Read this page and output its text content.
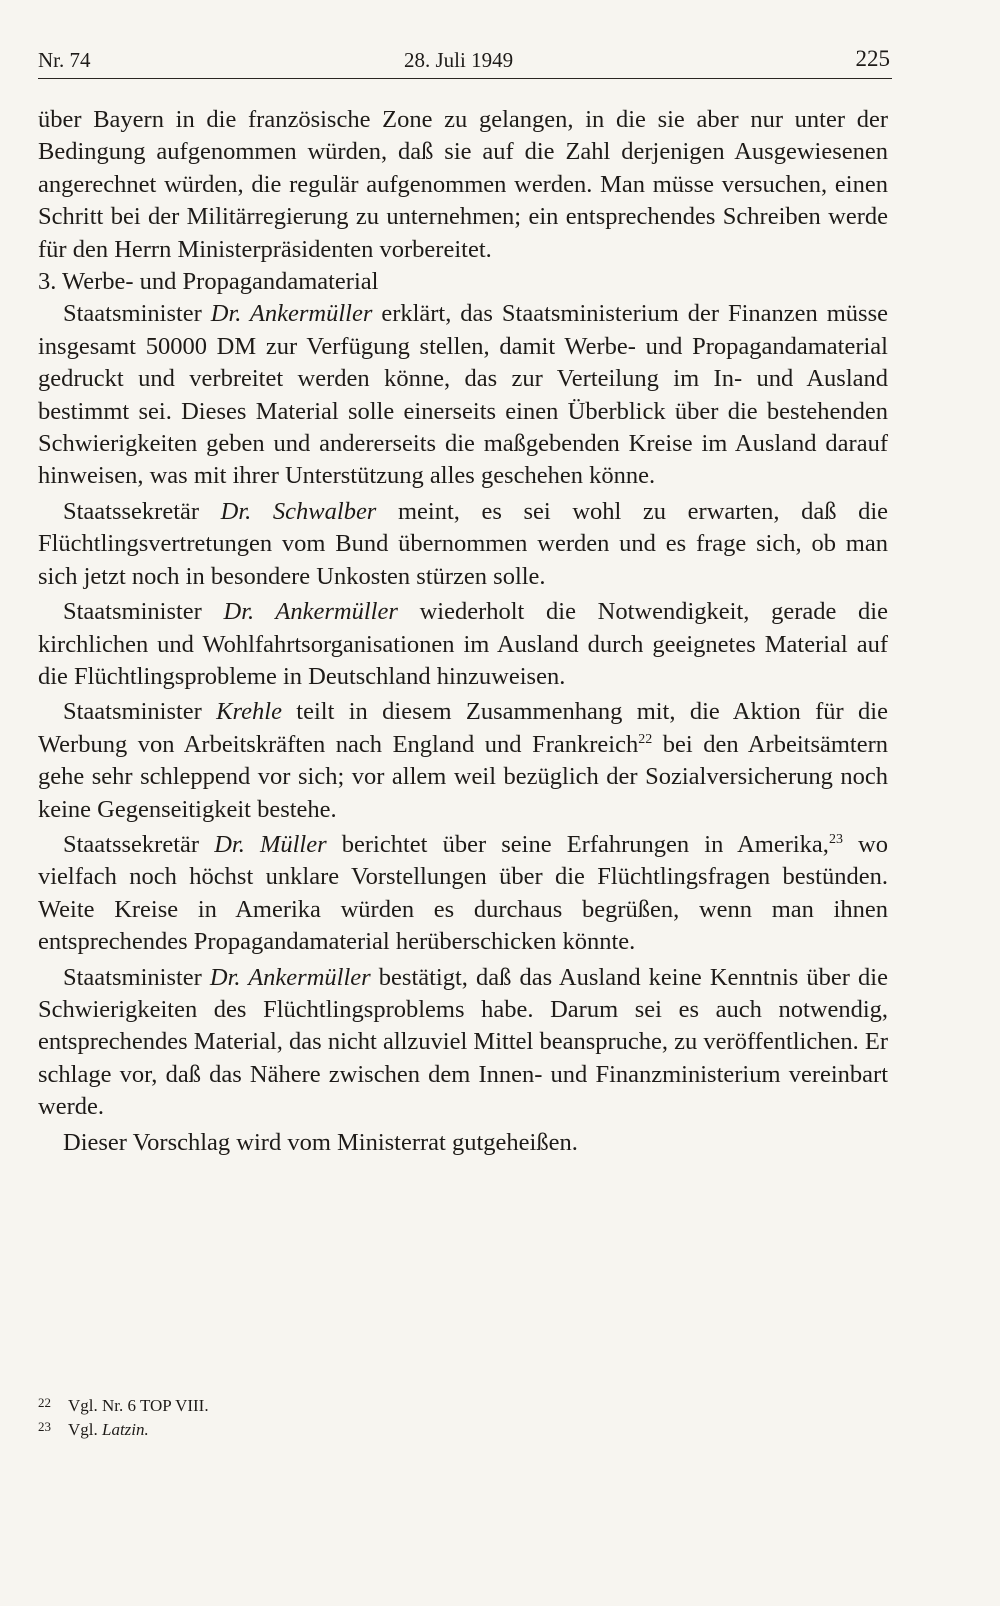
Nr. 74	28. Juli 1949	225

über Bayern in die französische Zone zu gelangen, in die sie aber nur unter der Bedingung aufgenommen würden, daß sie auf die Zahl derjenigen Ausgewiesenen angerechnet würden, die regulär aufgenommen werden. Man müsse versuchen, einen Schritt bei der Militärregierung zu unternehmen; ein entsprechendes Schreiben werde für den Herrn Ministerpräsidenten vorbereitet.

3. Werbe- und Propagandamaterial

Staatsminister Dr. Ankermüller erklärt, das Staatsministerium der Finanzen müsse insgesamt 50000 DM zur Verfügung stellen, damit Werbe- und Propagandamaterial gedruckt und verbreitet werden könne, das zur Verteilung im In- und Ausland bestimmt sei. Dieses Material solle einerseits einen Überblick über die bestehenden Schwierigkeiten geben und andererseits die maßgebenden Kreise im Ausland darauf hinweisen, was mit ihrer Unterstützung alles geschehen könne.

Staatssekretär Dr. Schwalber meint, es sei wohl zu erwarten, daß die Flüchtlingsvertretungen vom Bund übernommen werden und es frage sich, ob man sich jetzt noch in besondere Unkosten stürzen solle.

Staatsminister Dr. Ankermüller wiederholt die Notwendigkeit, gerade die kirchlichen und Wohlfahrtsorganisationen im Ausland durch geeignetes Material auf die Flüchtlingsprobleme in Deutschland hinzuweisen.

Staatsminister Krehle teilt in diesem Zusammenhang mit, die Aktion für die Werbung von Arbeitskräften nach England und Frankreich$^{22}$ bei den Arbeitsämtern gehe sehr schleppend vor sich; vor allem weil bezüglich der Sozialversicherung noch keine Gegenseitigkeit bestehe.

Staatssekretär Dr. Müller berichtet über seine Erfahrungen in Amerika,$^{23}$ wo vielfach noch höchst unklare Vorstellungen über die Flüchtlingsfragen bestünden. Weite Kreise in Amerika würden es durchaus begrüßen, wenn man ihnen entsprechendes Propagandamaterial herüberschicken könnte.

Staatsminister Dr. Ankermüller bestätigt, daß das Ausland keine Kenntnis über die Schwierigkeiten des Flüchtlingsproblems habe. Darum sei es auch notwendig, entsprechendes Material, das nicht allzuviel Mittel beanspruche, zu veröffentlichen. Er schlage vor, daß das Nähere zwischen dem Innen- und Finanzministerium vereinbart werde.

Dieser Vorschlag wird vom Ministerrat gutgeheißen.

22	Vgl. Nr. 6 TOP VIII.
23	Vgl. Latzin.
